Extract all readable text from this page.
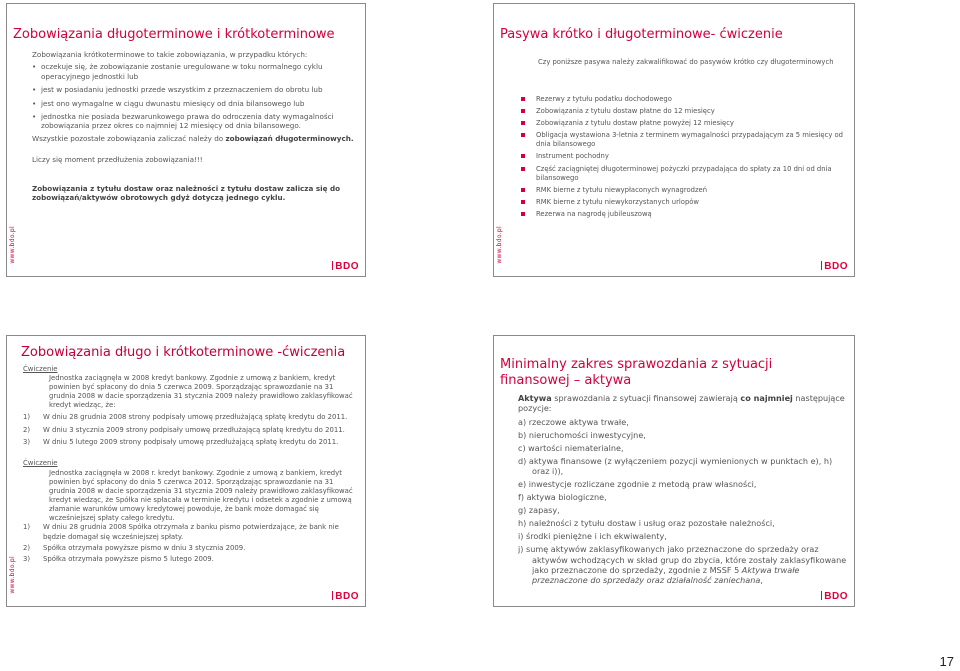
Zobowiązania długoterminowe i krótkoterminowe

Zobowiązania krótkoterminowe to takie zobowiązania, w przypadku których:

• oczekuje się, że zobowiązanie zostanie uregulowane w toku normalnego cyklu operacyjnego jednostki lub
• jest w posiadaniu jednostki przede wszystkim z przeznaczeniem do obrotu lub
• jest ono wymagalne w ciągu dwunastu miesięcy od dnia bilansowego lub
• jednostka nie posiada bezwarunkowego prawa do odroczenia daty wymagalności zobowiązania przez okres co najmniej 12 miesięcy od dnia bilansowego.

Wszystkie pozostałe zobowiązania zaliczać należy do zobowiązań długoterminowych.

Liczy się moment przedłużenia zobowiązania!!!

Zobowiązania z tytułu dostaw oraz należności z tytułu dostaw zalicza się do zobowiązań/aktywów obrotowych gdyż dotyczą jednego cyklu.

www.bdo.pl
BDO
Pasywa krótko i długoterminowe- ćwiczenie
Czy poniższe pasywa należy zakwalifikować do pasywów krótko czy długoterminowych
Rezerwy z tytułu podatku dochodowego
Zobowiązania z tytułu dostaw płatne do 12 miesięcy
Zobowiązania z tytułu dostaw płatne powyżej 12 miesięcy
Obligacja wystawiona 3-letnia z terminem wymagalności przypadającym za 5 miesięcy od dnia bilansowego
Instrument pochodny
Część zaciągniętej długoterminowej pożyczki przypadająca do spłaty za 10 dni od dnia bilansowego
RMK bierne z tytułu niewypłaconych wynagrodzeń
RMK bierne z tytułu niewykorzystanych urlopów
Rezerwa na nagrodę jubileuszową
www.bdo.pl
BDO
Zobowiązania długo i krótkoterminowe -ćwiczenia

Ćwiczenie

Jednostka zaciągnęła w 2008 kredyt bankowy. Zgodnie z umową z bankiem, kredyt powinien być spłacony do dnia 5 czerwca 2009. Sporządzając sprawozdanie na 31 grudnia 2008 w dacie sporządzenia 31 stycznia 2009 należy prawidłowo zaklasyfikować kredyt wiedząc, że:

1)	W dniu 28 grudnia 2008 strony podpisały umowę przedłużającą spłatę kredytu do 2011.
2)	W dniu 3 stycznia 2009 strony podpisały umowę przedłużającą spłatę kredytu do 2011.
3)	W dniu 5 lutego 2009 strony podpisały umowę przedłużającą spłatę kredytu do 2011.

Ćwiczenie

Jednostka zaciągnęła w 2008 r. kredyt bankowy. Zgodnie z umową z bankiem, kredyt powinien być spłacony do dnia 5 czerwca 2012. Sporządzając sprawozdanie na 31 grudnia 2008 w dacie sporządzenia 31 stycznia 2009 należy prawidłowo zaklasyfikować kredyt wiedząc, że Spółka nie spłacała w terminie kredytu i odsetek a zgodnie z umową złamanie warunków umowy kredytowej powoduje, że bank może domagać się wcześniejszej spłaty całego kredytu.

1)	W dniu 28 grudnia 2008 Spółka otrzymała z banku pismo potwierdzające, że bank nie będzie domagał się wcześniejszej spłaty.
2)	Spółka otrzymała powyższe pismo w dniu 3 stycznia 2009.
3)	Spółka otrzymała powyższe pismo 5 lutego 2009.
www.bdo.pl
BDO
Minimalny zakres sprawozdania z sytuacji finansowej – aktywa

Aktywa sprawozdania z sytuacji finansowej zawierają co najmniej następujące pozycje:

a) rzeczowe aktywa trwałe,
b) nieruchomości inwestycyjne,
c) wartości niematerialne,
d) aktywa finansowe (z wyłączeniem pozycji wymienionych w punktach e), h) oraz i)),
e) inwestycje rozliczane zgodnie z metodą praw własności,
f) aktywa biologiczne,
g) zapasy,
h) należności z tytułu dostaw i usług oraz pozostałe należności,
i) środki pieniężne i ich ekwiwalenty,
j) sumę aktywów zaklasyfikowanych jako przeznaczone do sprzedaży oraz aktywów wchodzących w skład grup do zbycia, które zostały zaklasyfikowane jako przeznaczone do sprzedaży, zgodnie z MSSF 5 Aktywa trwałe przeznaczone do sprzedaży oraz działalność zaniechana,
BDO
17
